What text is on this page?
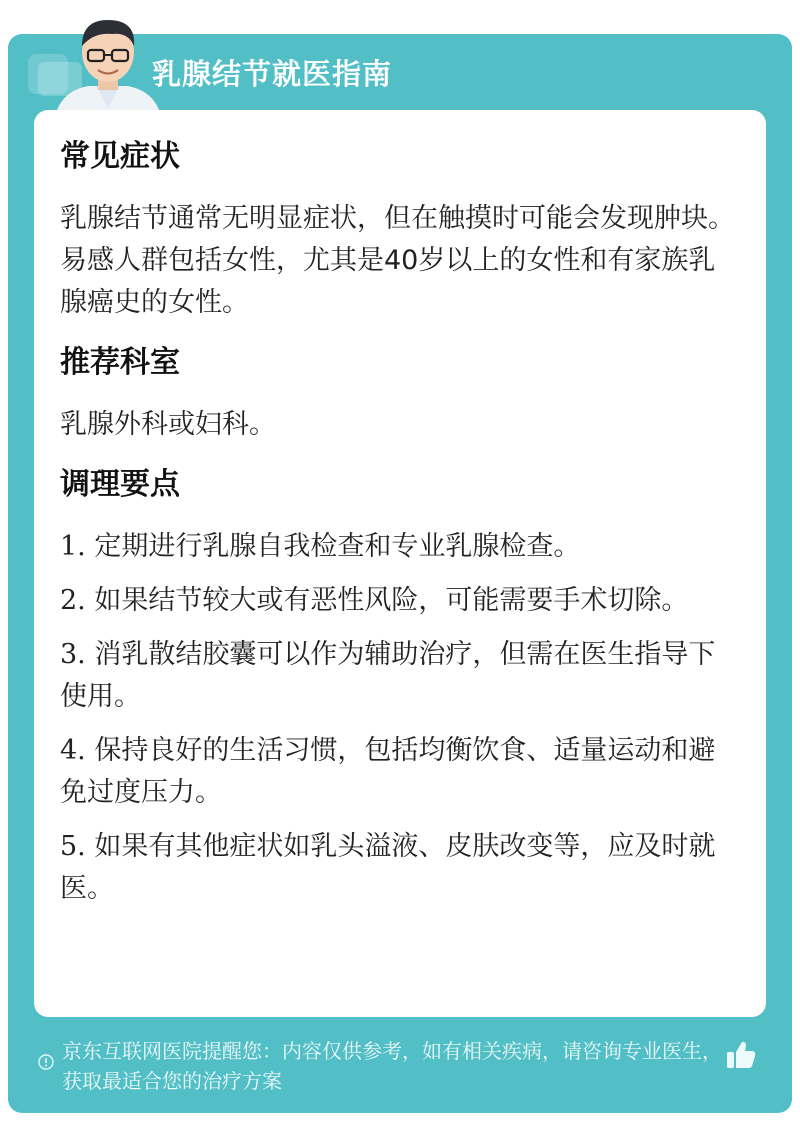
乳腺结节就医指南
常见症状

乳腺结节通常无明显症状，但在触摸时可能会发现肿块。易感人群包括女性，尤其是40岁以上的女性和有家族乳腺癌史的女性。

推荐科室

乳腺外科或妇科。

调理要点
1. 定期进行乳腺自我检查和专业乳腺检查。
2. 如果结节较大或有恶性风险，可能需要手术切除。
3. 消乳散结胶囊可以作为辅助治疗，但需在医生指导下使用。
4. 保持良好的生活习惯，包括均衡饮食、适量运动和避免过度压力。
5. 如果有其他症状如乳头溢液、皮肤改变等，应及时就医。
京东互联网医院提醒您：内容仅供参考，如有相关疾病，请咨询专业医生，获取最适合您的治疗方案
